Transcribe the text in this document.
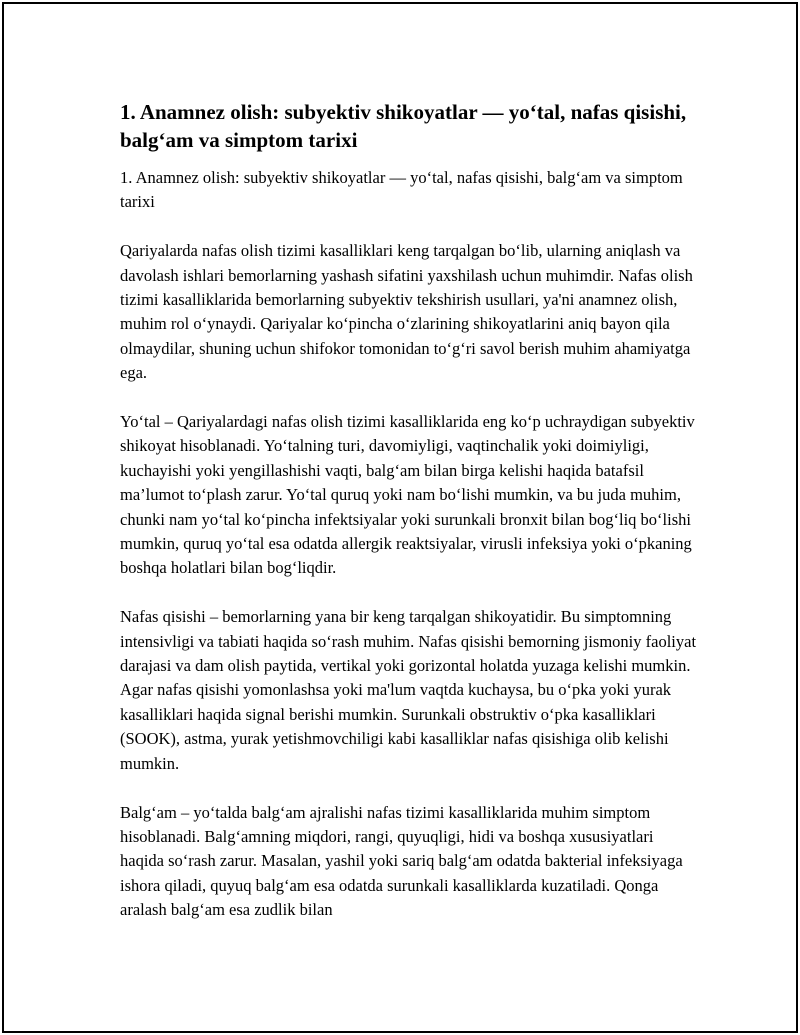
1. Anamnez olish: subyektiv shikoyatlar — yo‘tal, nafas qisishi, balg‘am va simptom tarixi

1. Anamnez olish: subyektiv shikoyatlar — yo‘tal, nafas qisishi, balg‘am va simptom tarixi

Qariyalarda nafas olish tizimi kasalliklari keng tarqalgan bo‘lib, ularning aniqlash va davolash ishlari bemorlarning yashash sifatini yaxshilash uchun muhimdir. Nafas olish tizimi kasalliklarida bemorlarning subyektiv tekshirish usullari, ya'ni anamnez olish, muhim rol o‘ynaydi. Qariyalar ko‘pincha o‘zlarining shikoyatlarini aniq bayon qila olmaydilar, shuning uchun shifokor tomonidan to‘g‘ri savol berish muhim ahamiyatga ega.

Yo‘tal – Qariyalardagi nafas olish tizimi kasalliklarida eng ko‘p uchraydigan subyektiv shikoyat hisoblanadi. Yo‘talning turi, davomiyligi, vaqtinchalik yoki doimiyligi, kuchayishi yoki yengillashishi vaqti, balg‘am bilan birga kelishi haqida batafsil ma’lumot to‘plash zarur. Yo‘tal quruq yoki nam bo‘lishi mumkin, va bu juda muhim, chunki nam yo‘tal ko‘pincha infektsiyalar yoki surunkali bronxit bilan bog‘liq bo‘lishi mumkin, quruq yo‘tal esa odatda allergik reaktsiyalar, virusli infeksiya yoki o‘pkaning boshqa holatlari bilan bog‘liqdir.

Nafas qisishi – bemorlarning yana bir keng tarqalgan shikoyatidir. Bu simptomning intensivligi va tabiati haqida so‘rash muhim. Nafas qisishi bemorning jismoniy faoliyat darajasi va dam olish paytida, vertikal yoki gorizontal holatda yuzaga kelishi mumkin. Agar nafas qisishi yomonlashsa yoki ma'lum vaqtda kuchaysa, bu o‘pka yoki yurak kasalliklari haqida signal berishi mumkin. Surunkali obstruktiv o‘pka kasalliklari (SOOK), astma, yurak yetishmovchiligi kabi kasalliklar nafas qisishiga olib kelishi mumkin.

Balg‘am – yo‘talda balg‘am ajralishi nafas tizimi kasalliklarida muhim simptom hisoblanadi. Balg‘amning miqdori, rangi, quyuqligi, hidi va boshqa xususiyatlari haqida so‘rash zarur. Masalan, yashil yoki sariq balg‘am odatda bakterial infeksiyaga ishora qiladi, quyuq balg‘am esa odatda surunkali kasalliklarda kuzatiladi. Qonga aralash balg‘am esa zudlik bilan
